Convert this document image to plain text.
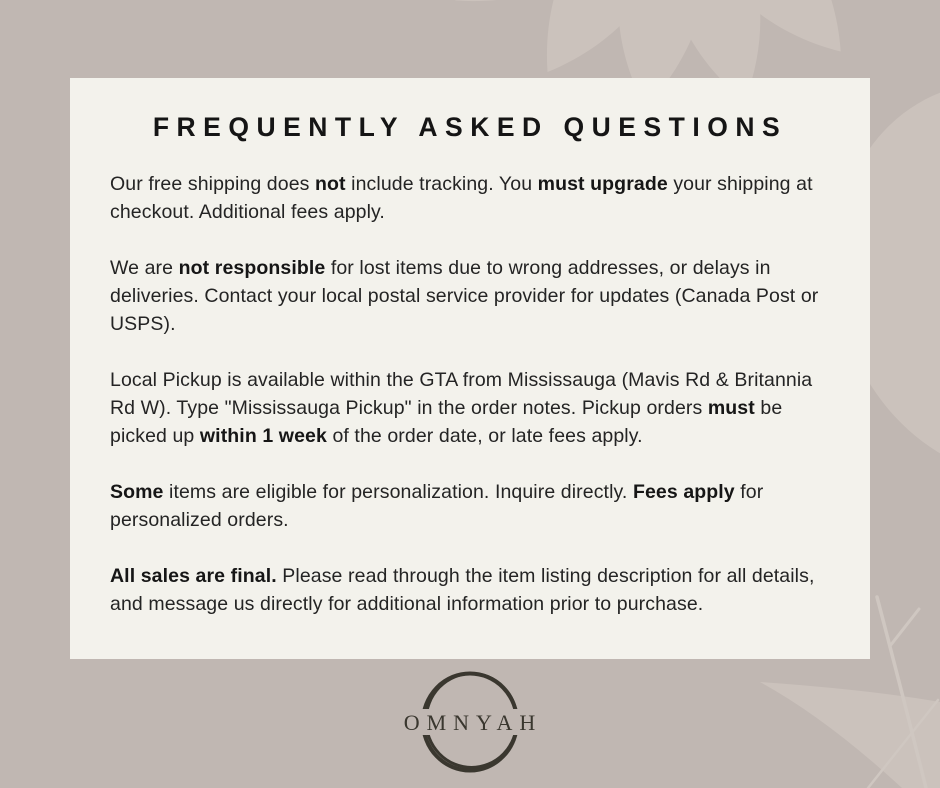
FREQUENTLY ASKED QUESTIONS

Our free shipping does not include tracking. You must upgrade your shipping at checkout. Additional fees apply.

We are not responsible for lost items due to wrong addresses, or delays in deliveries. Contact your local postal service provider for updates (Canada Post or USPS).

Local Pickup is available within the GTA from Mississauga (Mavis Rd & Britannia Rd W). Type "Mississauga Pickup" in the order notes. Pickup orders must be picked up within 1 week of the order date, or late fees apply.

Some items are eligible for personalization. Inquire directly. Fees apply for personalized orders.

All sales are final. Please read through the item listing description for all details, and message us directly for additional information prior to purchase.

OMNYAH
